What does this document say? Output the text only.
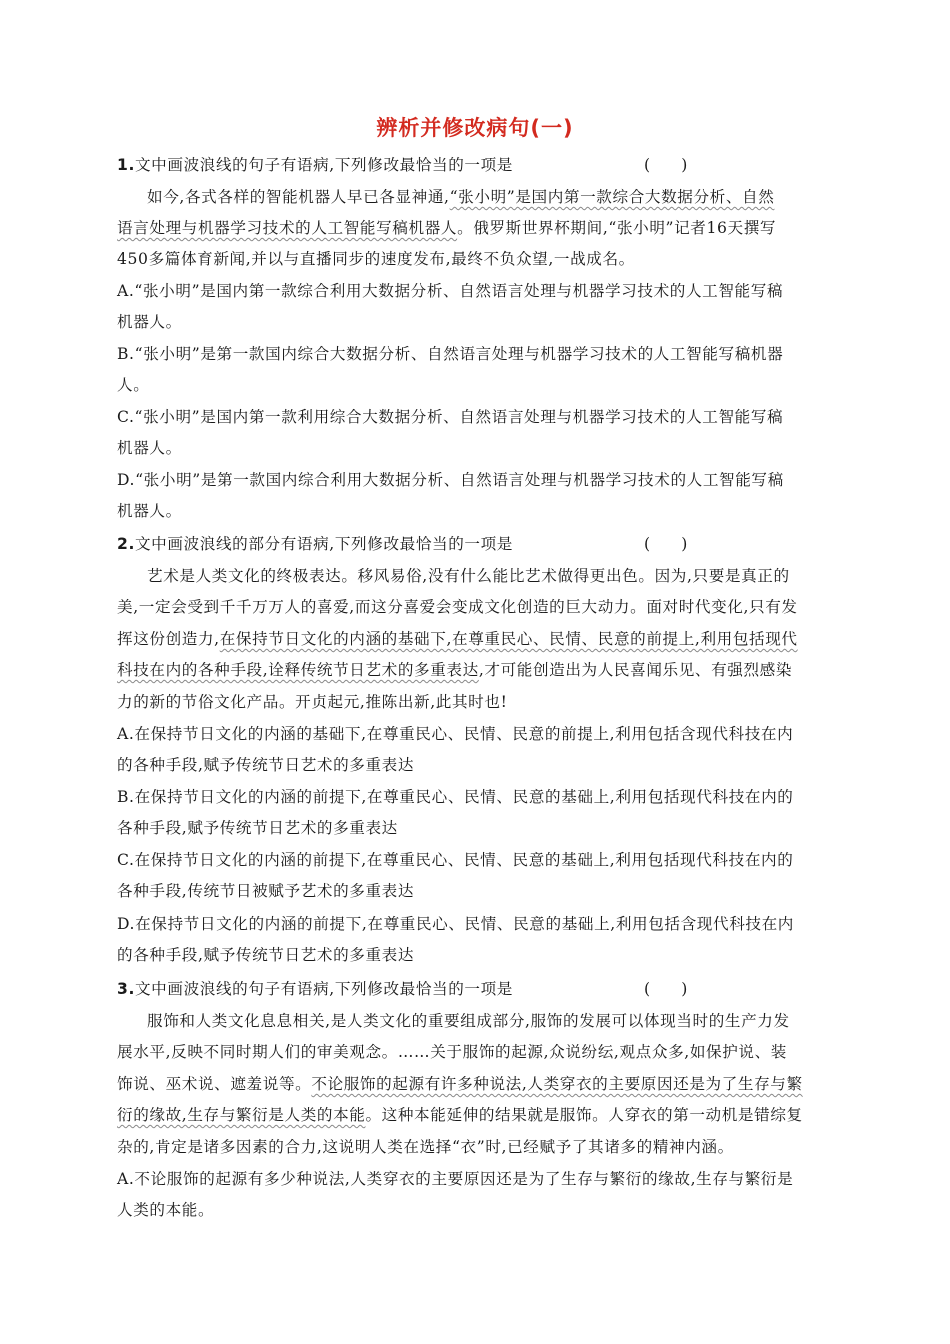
辨析并修改病句(一)
1.文中画波浪线的句子有语病,下列修改最恰当的一项是	(　　)
如今,各式各样的智能机器人早已各显神通,“张小明”是国内第一款综合大数据分析、自然
语言处理与机器学习技术的人工智能写稿机器人。俄罗斯世界杯期间,“张小明”记者16天撰写
450多篇体育新闻,并以与直播同步的速度发布,最终不负众望,一战成名。
A.“张小明”是国内第一款综合利用大数据分析、自然语言处理与机器学习技术的人工智能写稿
机器人。
B.“张小明”是第一款国内综合大数据分析、自然语言处理与机器学习技术的人工智能写稿机器
人。
C.“张小明”是国内第一款利用综合大数据分析、自然语言处理与机器学习技术的人工智能写稿
机器人。
D.“张小明”是第一款国内综合利用大数据分析、自然语言处理与机器学习技术的人工智能写稿
机器人。
2.文中画波浪线的部分有语病,下列修改最恰当的一项是	(　　)
艺术是人类文化的终极表达。移风易俗,没有什么能比艺术做得更出色。因为,只要是真正的
美,一定会受到千千万万人的喜爱,而这分喜爱会变成文化创造的巨大动力。面对时代变化,只有发
挥这份创造力,在保持节日文化的内涵的基础下,在尊重民心、民情、民意的前提上,利用包括现代
科技在内的各种手段,诠释传统节日艺术的多重表达,才可能创造出为人民喜闻乐见、有强烈感染
力的新的节俗文化产品。开贞起元,推陈出新,此其时也!
A.在保持节日文化的内涵的基础下,在尊重民心、民情、民意的前提上,利用包括含现代科技在内
的各种手段,赋予传统节日艺术的多重表达
B.在保持节日文化的内涵的前提下,在尊重民心、民情、民意的基础上,利用包括现代科技在内的
各种手段,赋予传统节日艺术的多重表达
C.在保持节日文化的内涵的前提下,在尊重民心、民情、民意的基础上,利用包括现代科技在内的
各种手段,传统节日被赋予艺术的多重表达
D.在保持节日文化的内涵的前提下,在尊重民心、民情、民意的基础上,利用包括含现代科技在内
的各种手段,赋予传统节日艺术的多重表达
3.文中画波浪线的句子有语病,下列修改最恰当的一项是	(　　)
服饰和人类文化息息相关,是人类文化的重要组成部分,服饰的发展可以体现当时的生产力发
展水平,反映不同时期人们的审美观念。……关于服饰的起源,众说纷纭,观点众多,如保护说、装
饰说、巫术说、遮羞说等。不论服饰的起源有许多种说法,人类穿衣的主要原因还是为了生存与繁
衍的缘故,生存与繁衍是人类的本能。这种本能延伸的结果就是服饰。人穿衣的第一动机是错综复
杂的,肯定是诸多因素的合力,这说明人类在选择“衣”时,已经赋予了其诸多的精神内涵。
A.不论服饰的起源有多少种说法,人类穿衣的主要原因还是为了生存与繁衍的缘故,生存与繁衍是
人类的本能。
